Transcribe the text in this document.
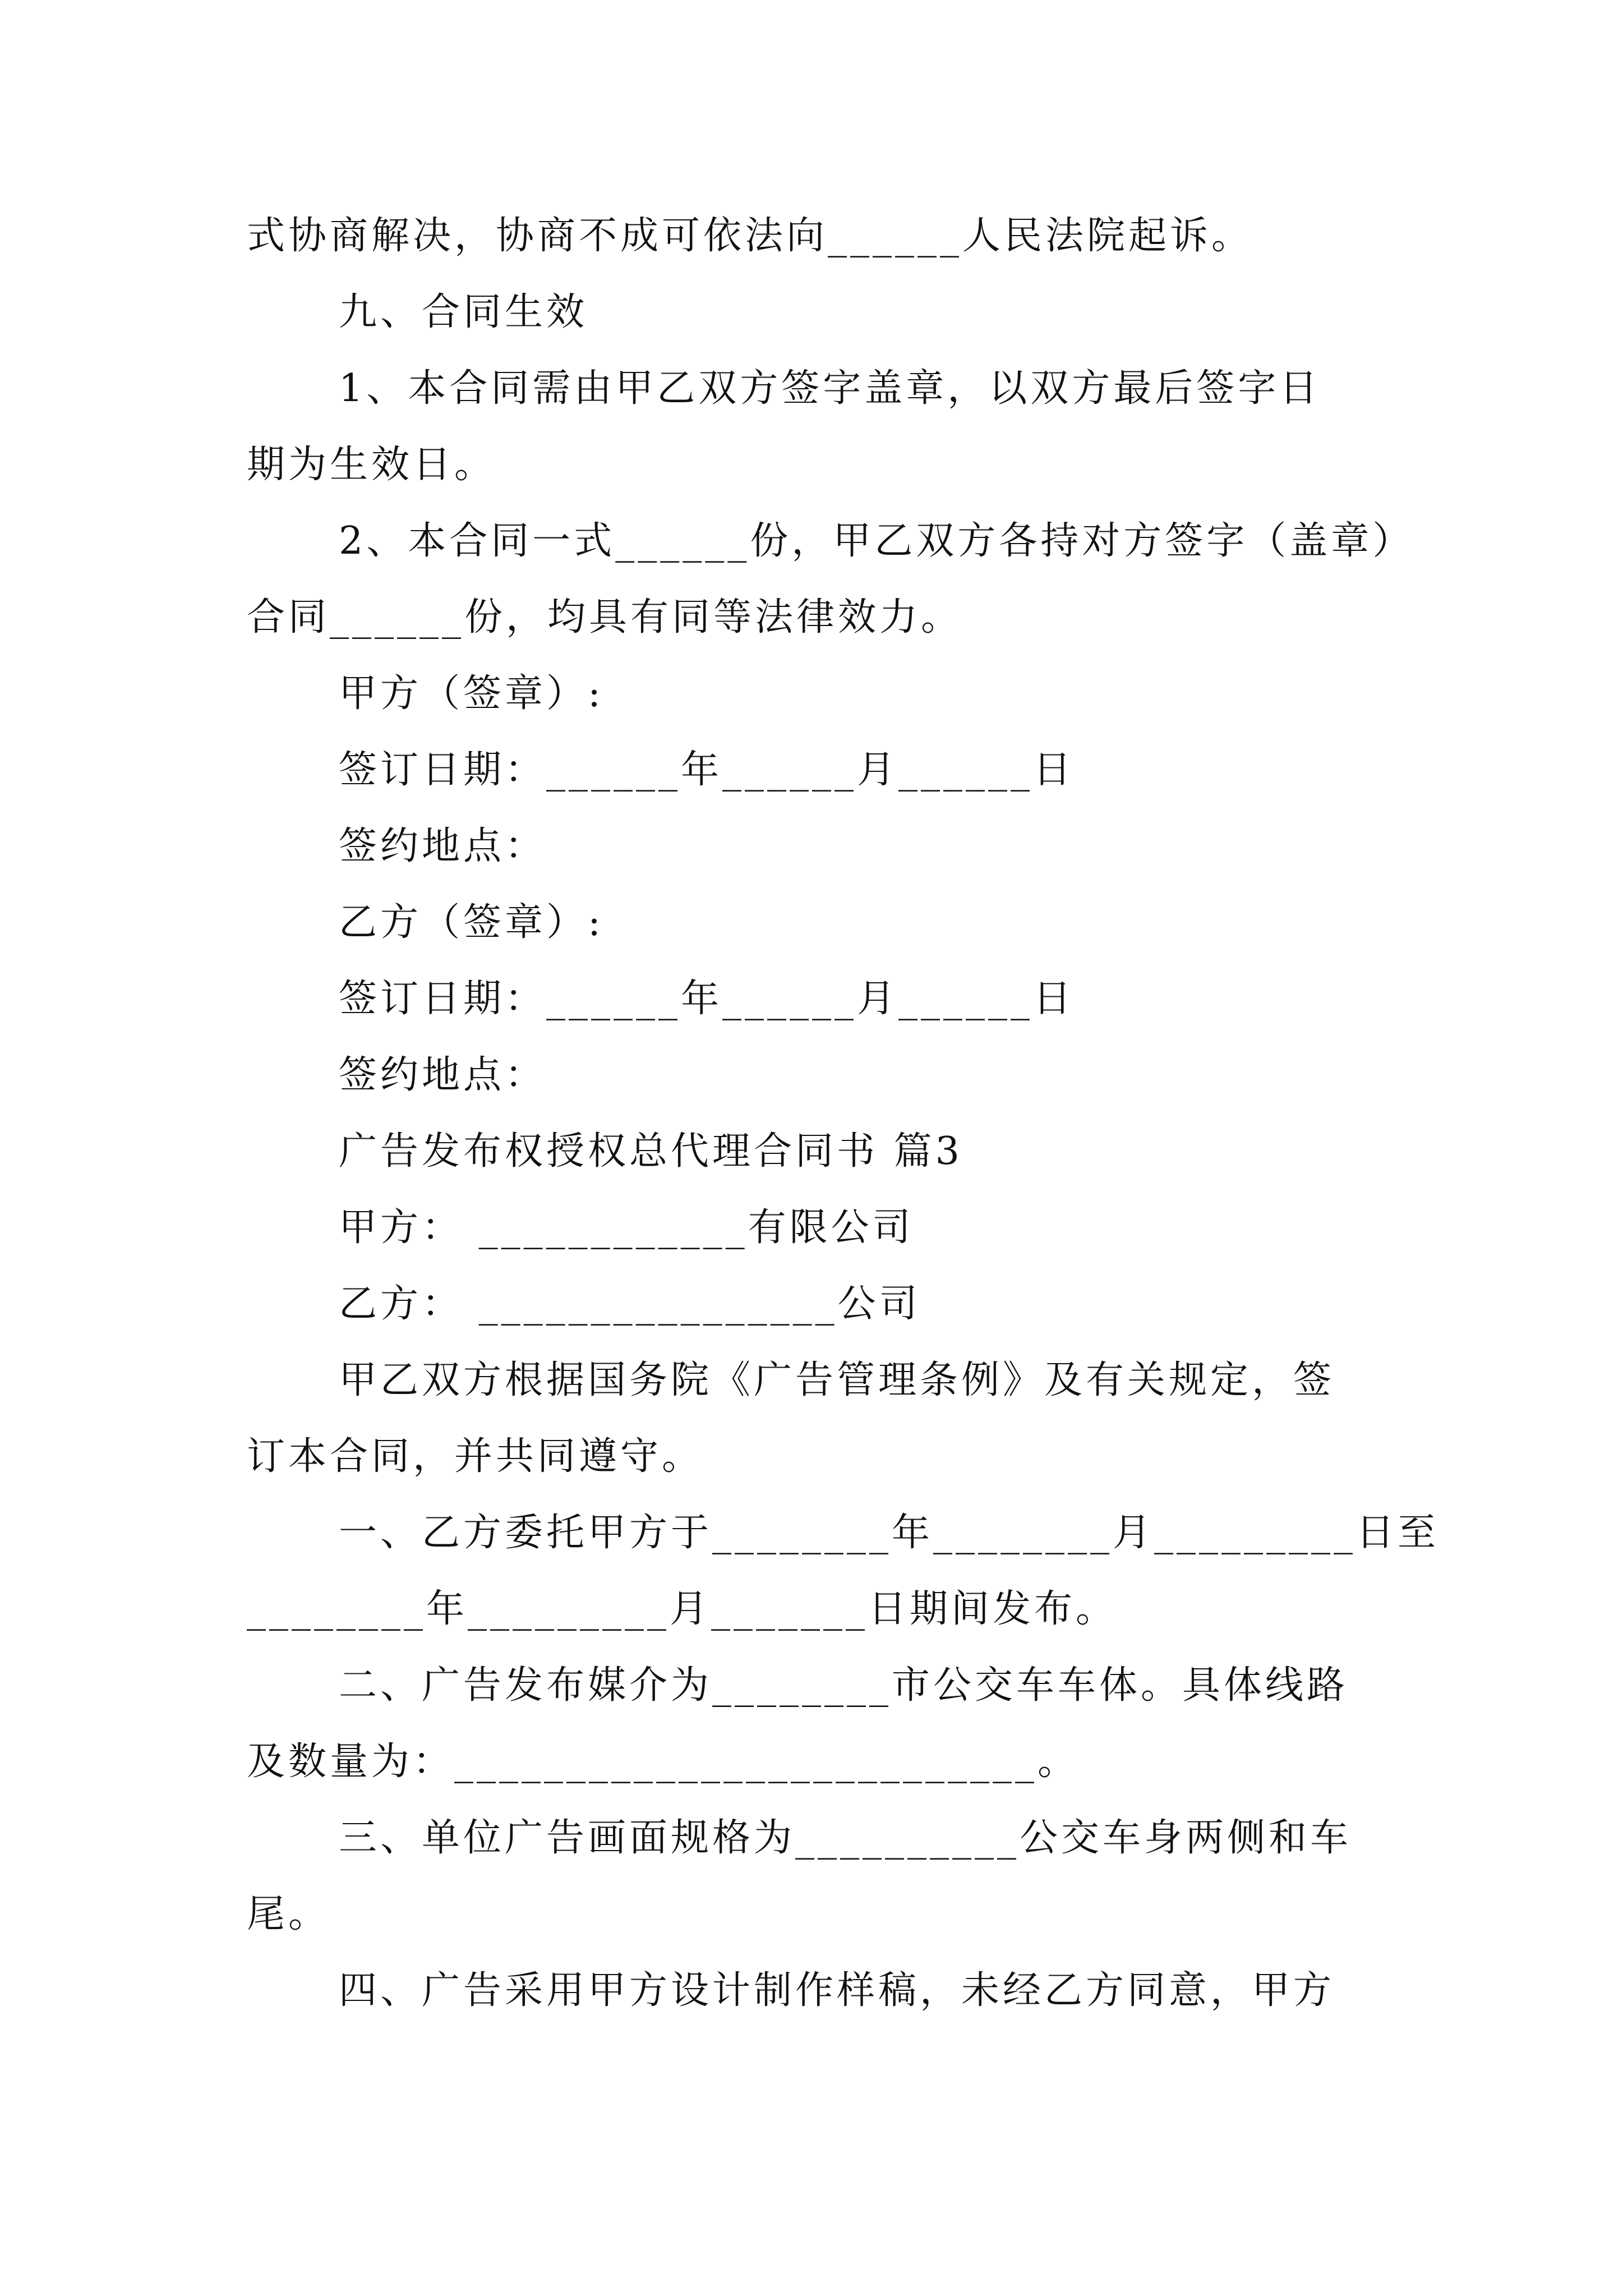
式协商解决，协商不成可依法向______人民法院起诉。
九、合同生效
1、本合同需由甲乙双方签字盖章，以双方最后签字日
期为生效日。
2、本合同一式______份，甲乙双方各持对方签字（盖章）
合同______份，均具有同等法律效力。
甲方（签章）:
签订日期：______年______月______日
签约地点：
乙方（签章）:
签订日期：______年______月______日
签约地点：
广告发布权授权总代理合同书 篇3
甲方： ____________有限公司
乙方： ________________公司
甲乙双方根据国务院《广告管理条例》及有关规定，签
订本合同，并共同遵守。
一、乙方委托甲方于________年________月_________日至
________年_________月_______日期间发布。
二、广告发布媒介为________市公交车车体。具体线路
及数量为：__________________________。
三、单位广告画面规格为__________公交车身两侧和车
尾。
四、广告采用甲方设计制作样稿，未经乙方同意，甲方
